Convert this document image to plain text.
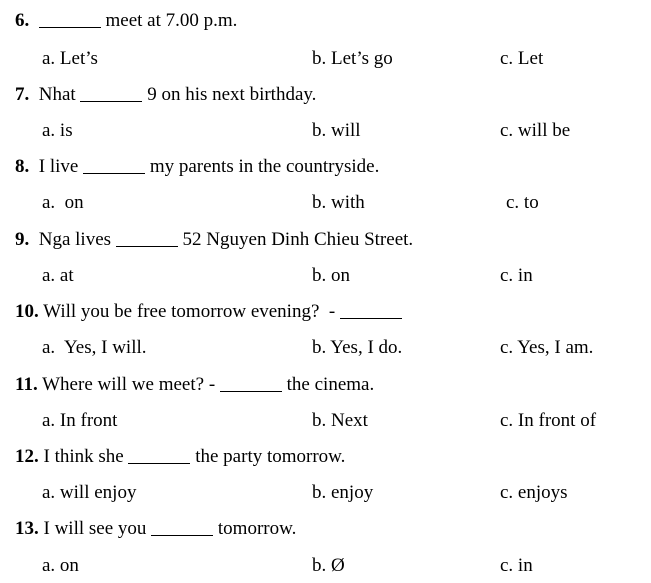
6.	meet at 7.00 p.m.
a. Let’s	b. Let’s go	c. Let
7. Nhat	9 on his next birthday.
a. is	b. will	c. will be
8. I live	my parents in the countryside.
a.  on	b. with	c. to
9. Nga lives	52 Nguyen Dinh Chieu Street.
a. at	b. on	c. in
10. Will you be free tomorrow evening?  -
a.  Yes, I will.	b. Yes, I do.	c. Yes, I am.
11. Where will we meet? -	the cinema.
a. In front	b. Next	c. In front of
12. I think she	the party tomorrow.
a. will enjoy	b. enjoy	c. enjoys
13. I will see you	tomorrow.
a. on	b. Ø	c. in
